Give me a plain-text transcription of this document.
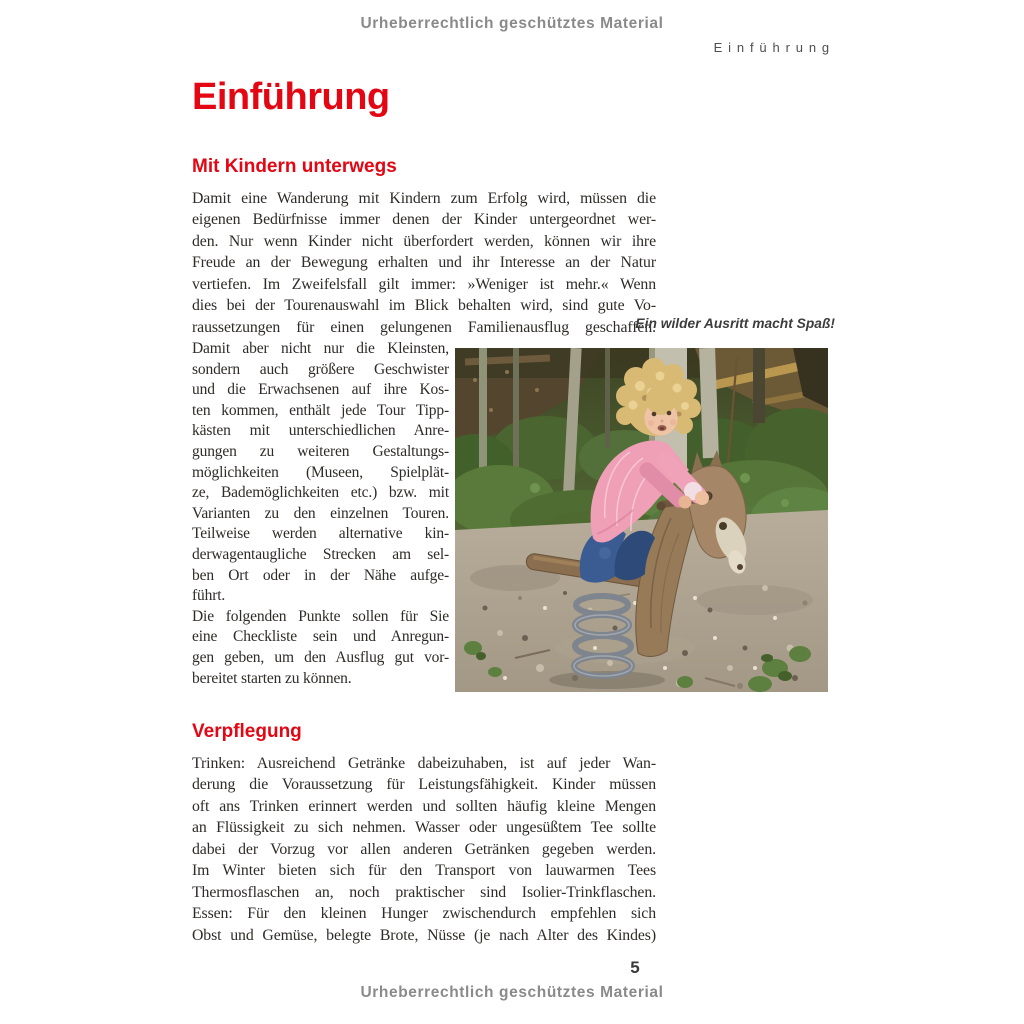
Urheberrechtlich geschütztes Material
Einführung
Einführung
Mit Kindern unterwegs
Damit eine Wanderung mit Kindern zum Erfolg wird, müssen die
eigenen Bedürfnisse immer denen der Kinder untergeordnet wer-
den. Nur wenn Kinder nicht überfordert werden, können wir ihre
Freude an der Bewegung erhalten und ihr Interesse an der Natur
vertiefen. Im Zweifelsfall gilt immer: »Weniger ist mehr.« Wenn
dies bei der Tourenauswahl im Blick behalten wird, sind gute Vo-
raussetzungen für einen gelungenen Familienausflug geschaffen.
Ein wilder Ausritt macht Spaß!
Damit aber nicht nur die Kleinsten,
sondern auch größere Geschwister
und die Erwachsenen auf ihre Kos-
ten kommen, enthält jede Tour Tipp-
kästen mit unterschiedlichen Anre-
gungen zu weiteren Gestaltungs-
möglichkeiten (Museen, Spielplät-
ze, Bademöglichkeiten etc.) bzw. mit
Varianten zu den einzelnen Touren.
Teilweise werden alternative kin-
derwagentaugliche Strecken am sel-
ben Ort oder in der Nähe aufge-
führt.
Die folgenden Punkte sollen für Sie
eine Checkliste sein und Anregun-
gen geben, um den Ausflug gut vor-
bereitet starten zu können.
Verpflegung
Trinken: Ausreichend Getränke dabeizuhaben, ist auf jeder Wan-
derung die Voraussetzung für Leistungsfähigkeit. Kinder müssen
oft ans Trinken erinnert werden und sollten häufig kleine Mengen
an Flüssigkeit zu sich nehmen. Wasser oder ungesüßtem Tee sollte
dabei der Vorzug vor allen anderen Getränken gegeben werden.
Im Winter bieten sich für den Transport von lauwarmen Tees
Thermosflaschen an, noch praktischer sind Isolier-Trinkflaschen.
Essen: Für den kleinen Hunger zwischendurch empfehlen sich
Obst und Gemüse, belegte Brote, Nüsse (je nach Alter des Kindes)
5
Urheberrechtlich geschütztes Material
